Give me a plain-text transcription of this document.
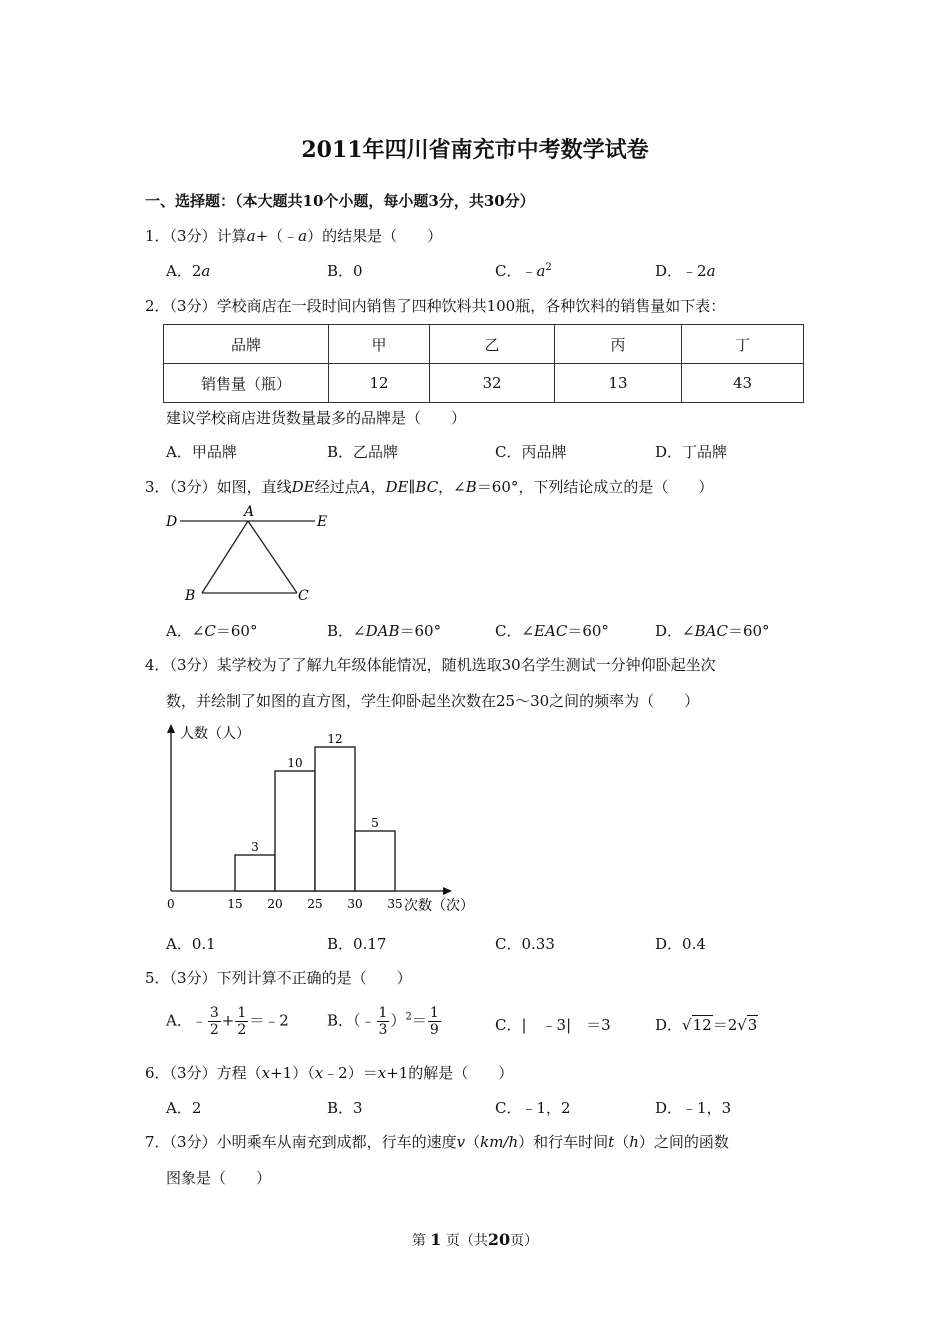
2011年四川省南充市中考数学试卷
一、选择题：（本大题共10个小题，每小题3分，共30分）
1．（3分）计算a+（﹣a）的结果是（　　）
A．2a	B．0	C．$﹣a^2$	D．﹣2a
2．（3分）学校商店在一段时间内销售了四种饮料共100瓶，各种饮料的销售量如下表：
品牌	甲	乙	丙	丁
销售量（瓶）	12	32	13	43
建议学校商店进货数量最多的品牌是（　　）
A．甲品牌	B．乙品牌	C．丙品牌	D．丁品牌
3．（3分）如图，直线DE经过点A，DE∥BC，∠B＝60°，下列结论成立的是（　　）
D
A
E
B	C
A．∠C＝60°	B．∠DAB＝60°	C．∠EAC＝60°	D．∠BAC＝60°
4．（3分）某学校为了了解九年级体能情况，随机选取30名学生测试一分钟仰卧起坐次
数，并绘制了如图的直方图，学生仰卧起坐次数在25～30之间的频率为（　　）
人数（人）
次数（次）
0
3
10
12
5
15 20 25 30 35
A．0.1	B．0.17	C．0.33	D．0.4
5．（3分）下列计算不正确的是（　　）
A．﹣ $\frac{3}{2} + \frac{1}{2}$ ＝﹣2	B．（﹣ $\frac{1}{3} )^2= \frac{1}{9}$	C．|　﹣3|　＝3	D．√12＝2√3
6．（3分）方程（x+1）（x﹣2）＝x+1的解是（　　）
A．2	B．3	C．﹣1，2	D．﹣1，3
7．（3分）小明乘车从南充到成都，行车的速度v（km/h）和行车时间t（h）之间的函数
图象是（　　）
第 1 页（共20页）
